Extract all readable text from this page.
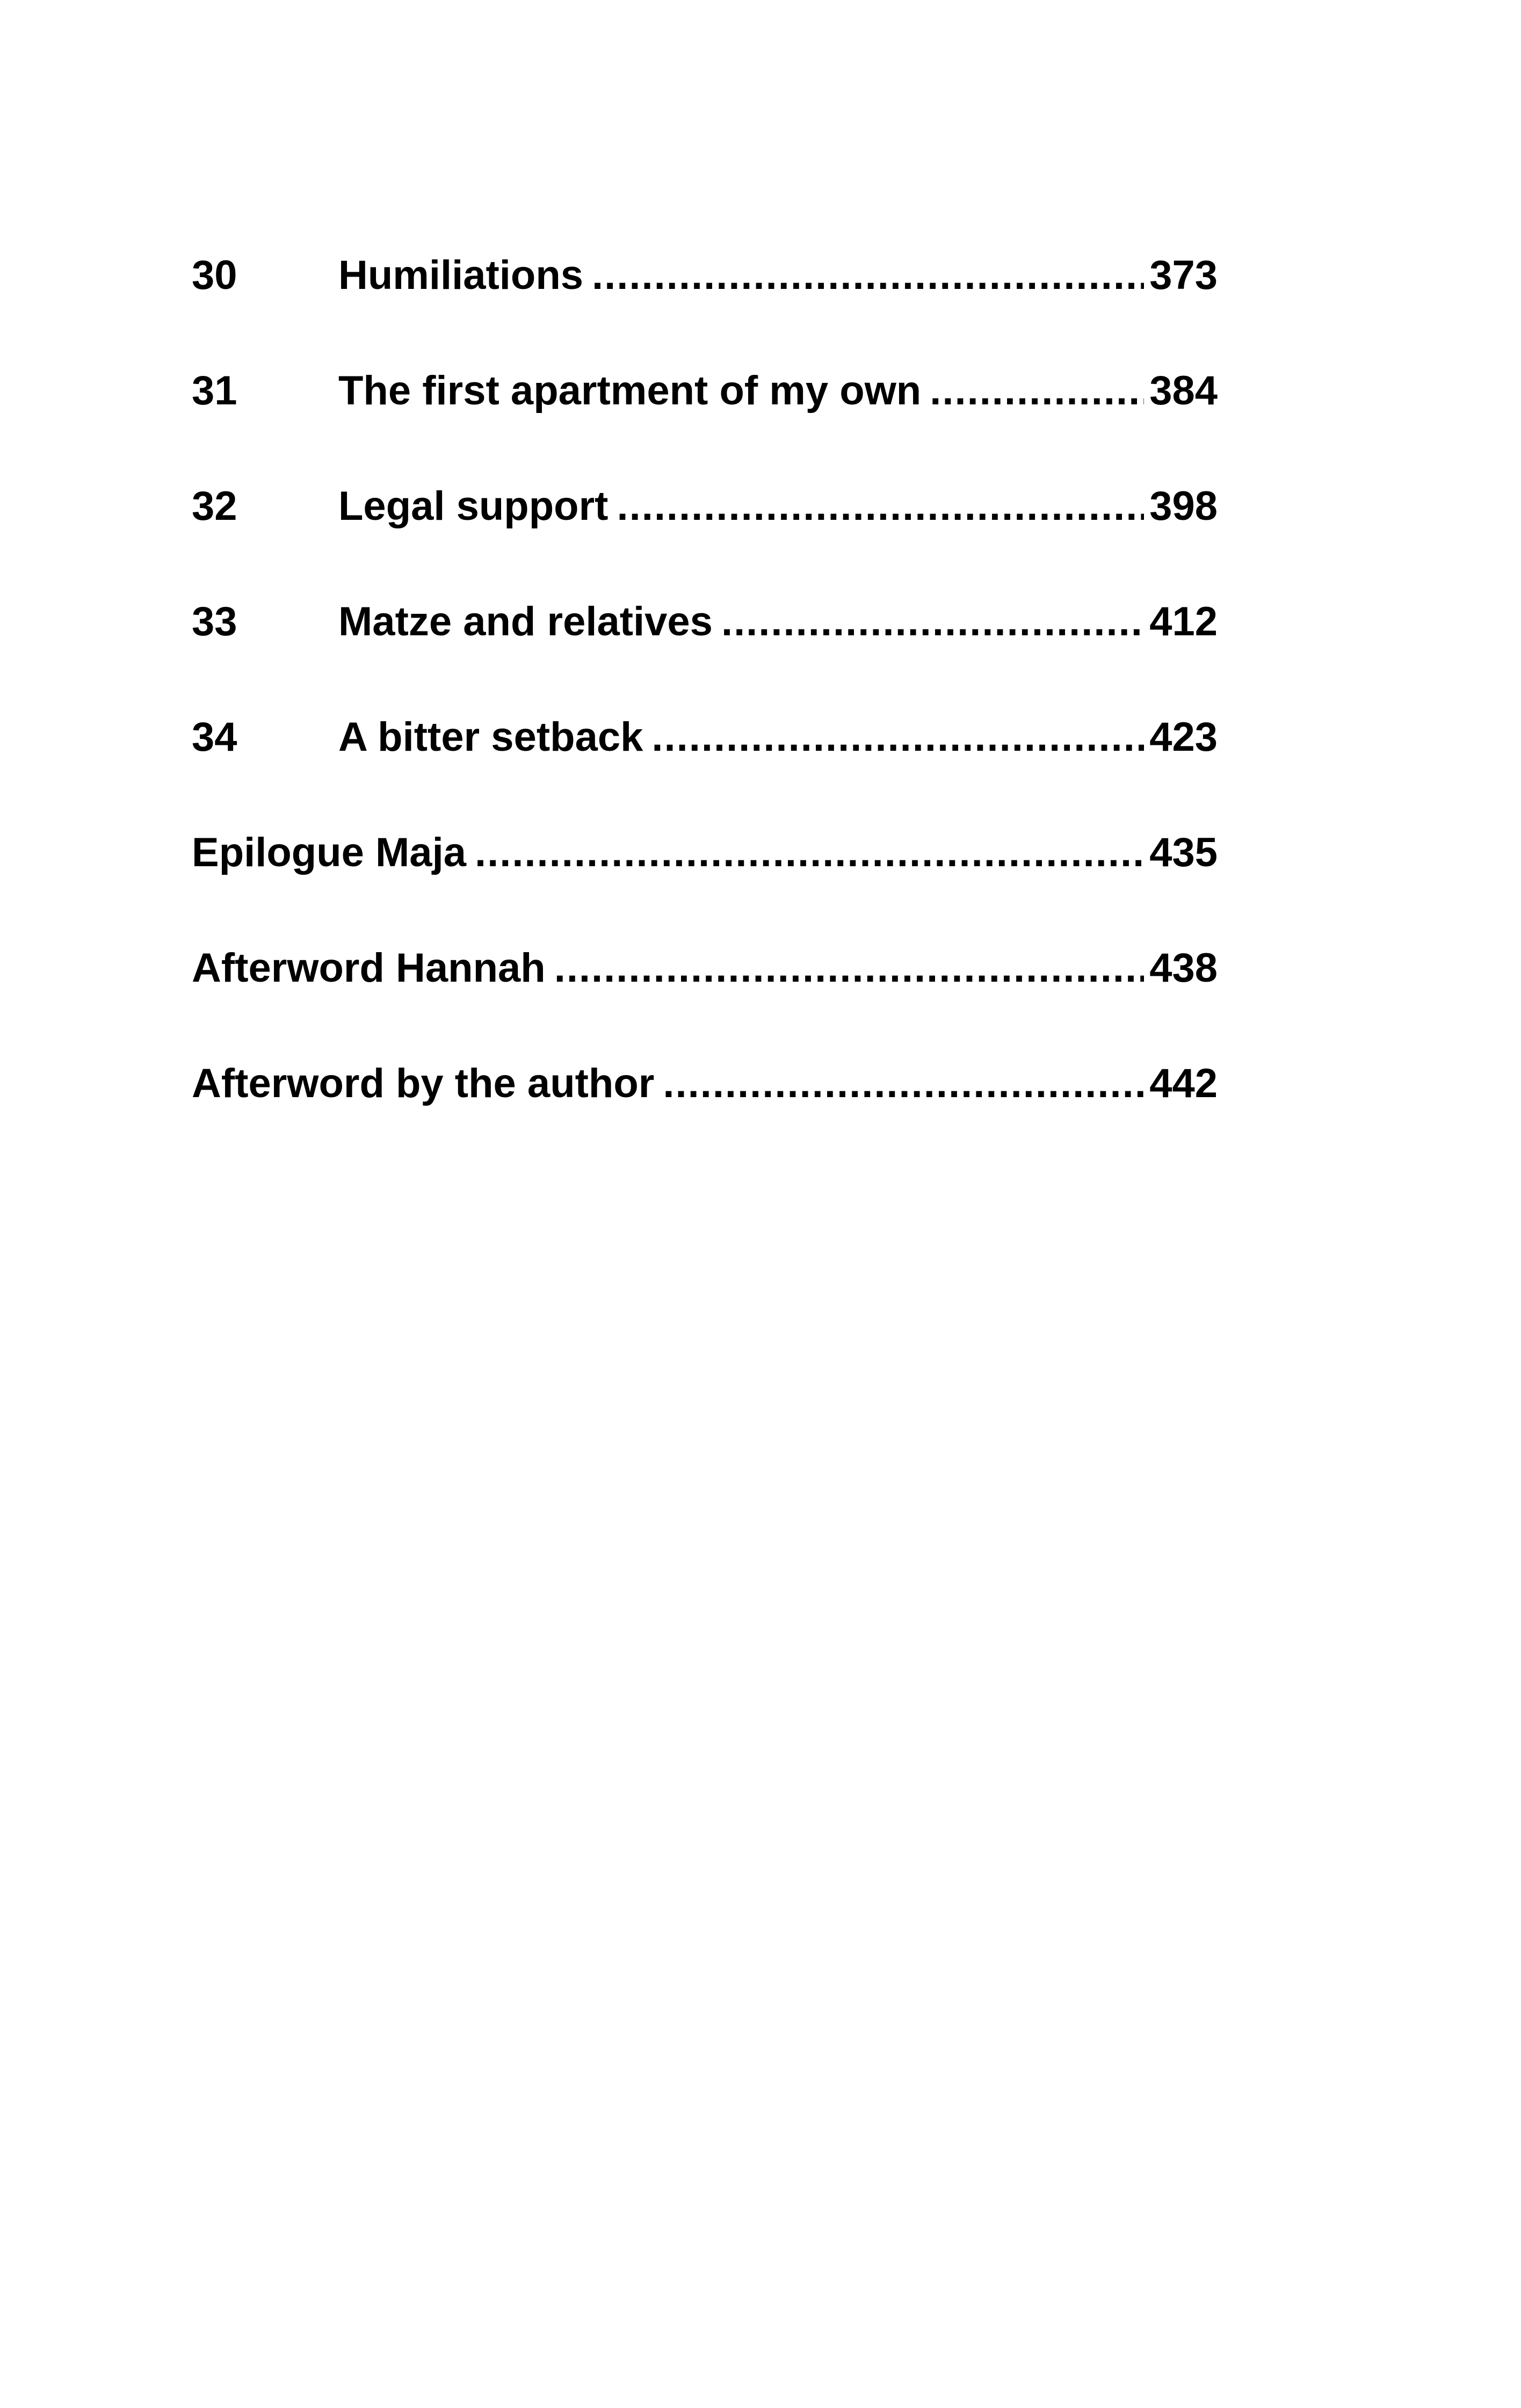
30	Humiliations .....	373
31	The first apartment of my own .....	384
32	Legal support .....	398
33	Matze and relatives .....	412
34	A bitter setback .....	423
Epilogue Maja .....	435
Afterword Hannah .....	438
Afterword by the author .....	442
